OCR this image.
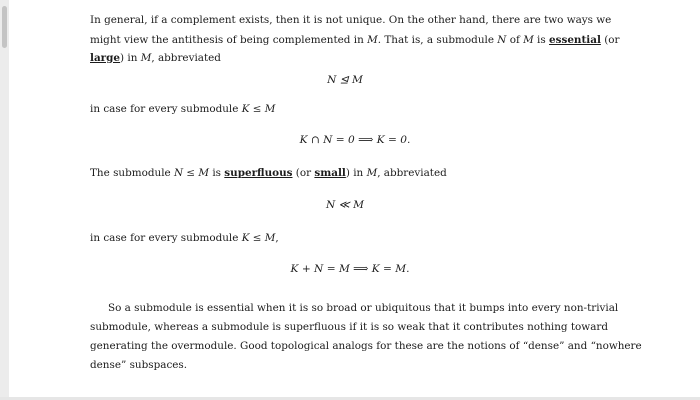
In general, if a complement exists, then it is not unique. On the other hand, there are two ways we
might view the antithesis of being complemented in M. That is, a submodule N of M is essential (or
large) in M, abbreviated
N ⊴ M
in case for every submodule K ≤ M
K ∩ N = 0 ⟹ K = 0.
The submodule N ≤ M is superfluous (or small) in M, abbreviated
N ≪ M
in case for every submodule K ≤ M,
K + N = M ⟹ K = M.
So a submodule is essential when it is so broad or ubiquitous that it bumps into every non-trivial
submodule, whereas a submodule is superfluous if it is so weak that it contributes nothing toward
generating the overmodule. Good topological analogs for these are the notions of “dense” and “nowhere
dense” subspaces.
